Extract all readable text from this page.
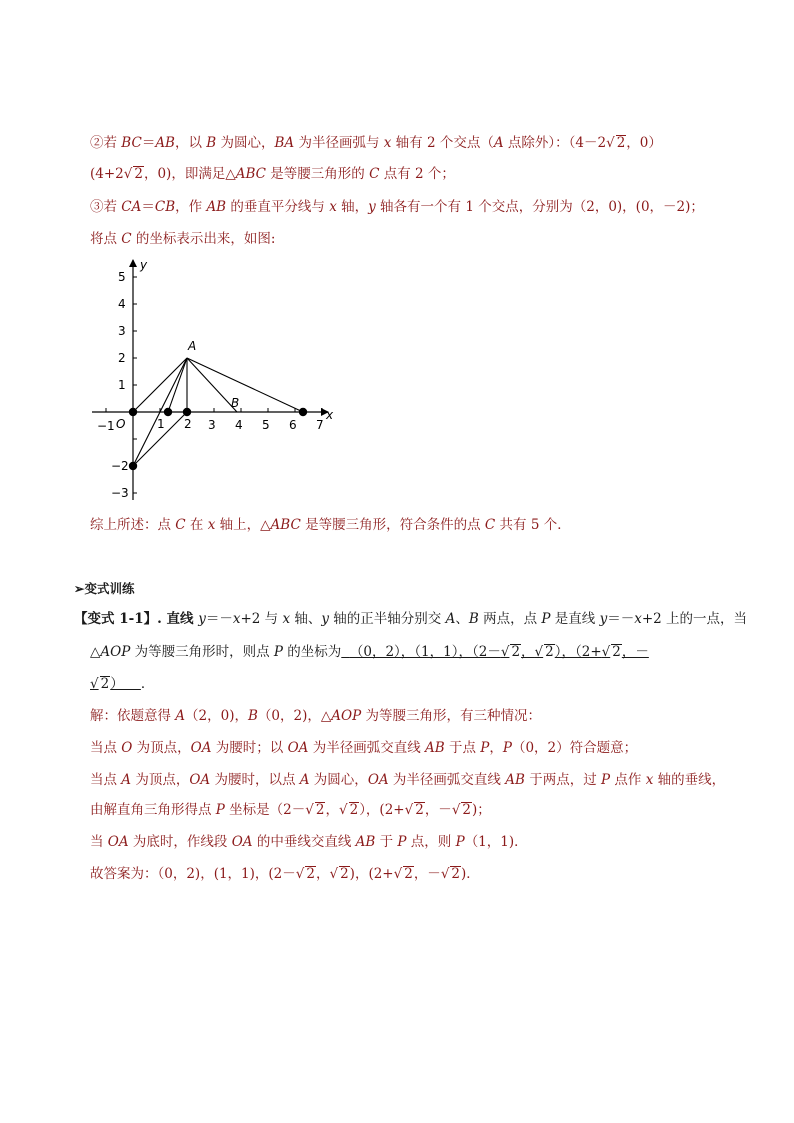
②若 BC＝AB，以 B 为圆心，BA 为半径画弧与 x 轴有 2 个交点（A 点除外）：（4－2√ 2，0）
(4+2√ 2，0)，即满足△ABC 是等腰三角形的 C 点有 2 个；
③若 CA＝CB，作 AB 的垂直平分线与 x 轴，y 轴各有一个有 1 个交点，分别为（2，0)，(0，－2)；
将点 C 的坐标表示出来，如图:
y
x
O
A
B
−1	1 2 3 4 5 6 7
5
4
3
2
1
−2
−3
综上所述：点 C 在 x 轴上，△ABC 是等腰三角形，符合条件的点 C 共有 5 个．
➢变式训练
【变式 1-1】. 直线 y＝－x+2 与 x 轴、y 轴的正半轴分别交 A、B 两点，点 P 是直线 y＝－x+2 上的一点，当
△AOP 为等腰三角形时，则点 P 的坐标为 （0，2），（1，1），（2－√ 2，√ 2），（2+√ 2，－
√ 2）    ．
解：依题意得 A（2，0)，B（0，2)，△AOP 为等腰三角形，有三种情况：
当点 O 为顶点，OA 为腰时；以 OA 为半径画弧交直线 AB 于点 P，P（0，2）符合题意；
当点 A 为顶点，OA 为腰时，以点 A 为圆心，OA 为半径画弧交直线 AB 于两点，过 P 点作 x 轴的垂线，
由解直角三角形得点 P 坐标是（2－√ 2，√ 2），(2+√ 2，－√ 2)；
当 OA 为底时，作线段 OA 的中垂线交直线 AB 于 P 点，则 P（1，1)．
故答案为：（0，2)，(1，1)，(2－√ 2，√ 2)，(2+√ 2，－√ 2)．
